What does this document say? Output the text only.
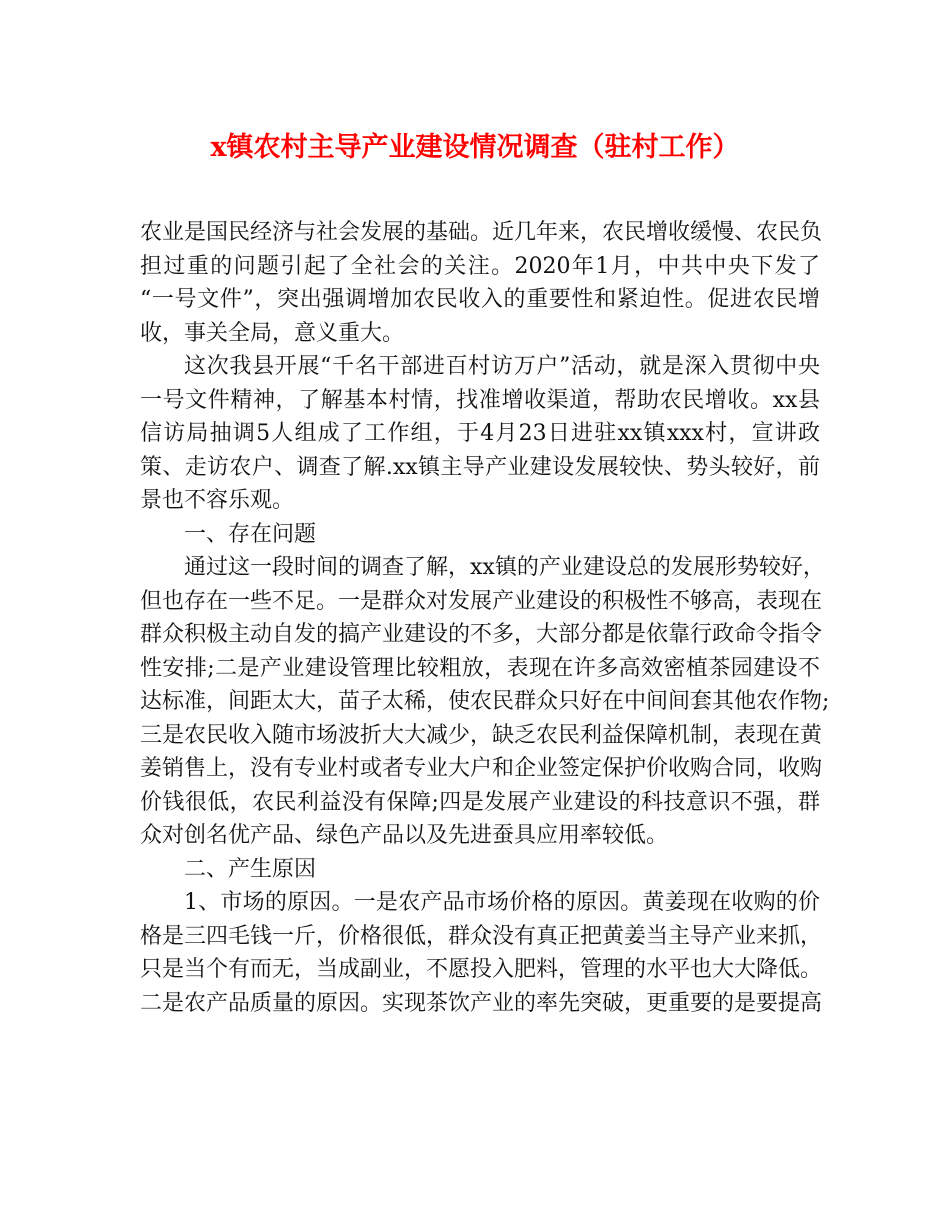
x镇农村主导产业建设情况调查（驻村工作）
农业是国民经济与社会发展的基础。近几年来，农民增收缓慢、农民负
担过重的问题引起了全社会的关注。2020年1月，中共中央下发了
“一号文件”，突出强调增加农民收入的重要性和紧迫性。促进农民增
收，事关全局，意义重大。
这次我县开展“千名干部进百村访万户”活动，就是深入贯彻中央
一号文件精神，了解基本村情，找准增收渠道，帮助农民增收。xx县
信访局抽调5人组成了工作组，于4月23日进驻xx镇xxx村，宣讲政
策、走访农户、调查了解.xx镇主导产业建设发展较快、势头较好，前
景也不容乐观。
一、存在问题
通过这一段时间的调查了解，xx镇的产业建设总的发展形势较好，
但也存在一些不足。一是群众对发展产业建设的积极性不够高，表现在
群众积极主动自发的搞产业建设的不多，大部分都是依靠行政命令指令
性安排;二是产业建设管理比较粗放，表现在许多高效密植茶园建设不
达标准，间距太大，苗子太稀，使农民群众只好在中间间套其他农作物;
三是农民收入随市场波折大大减少，缺乏农民利益保障机制，表现在黄
姜销售上，没有专业村或者专业大户和企业签定保护价收购合同，收购
价钱很低，农民利益没有保障;四是发展产业建设的科技意识不强，群
众对创名优产品、绿色产品以及先进蚕具应用率较低。
二、产生原因
1、市场的原因。一是农产品市场价格的原因。黄姜现在收购的价
格是三四毛钱一斤，价格很低，群众没有真正把黄姜当主导产业来抓，
只是当个有而无，当成副业，不愿投入肥料，管理的水平也大大降低。
二是农产品质量的原因。实现茶饮产业的率先突破，更重要的是要提高
